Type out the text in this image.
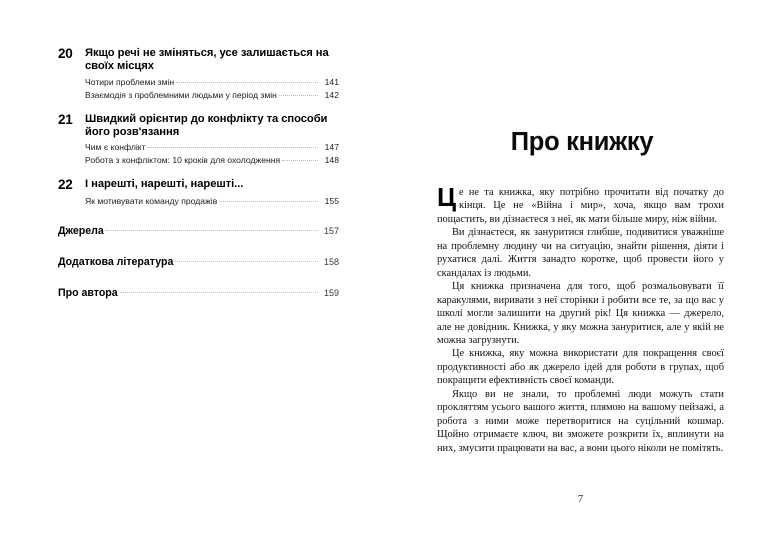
20	Якщо речі не зміняться, усе залишається на своїх місцях
Чотири проблеми змін	141
Взаємодія з проблемними людьми у період змін	142
21	Швидкий орієнтир до конфлікту та способи його розв'язання
Чим є конфлікт	147
Робота з конфліктом: 10 кроків для охолодження	148
22	І нарешті, нарешті, нарешті...
Як мотивувати команду продажів	155
Джерела	157
Додаткова література	158
Про автора	159
Про книжку

Це не та книжка, яку потрібно прочитати від початку до кінця. Це не «Війна і мир», хоча, якщо вам трохи пощастить, ви дізнаєтеся з неї, як мати більше миру, ніж війни.

Ви дізнаєтеся, як зануритися глибше, подивитися уважніше на проблемну людину чи на ситуацію, знайти рішення, діяти і рухатися далі. Життя занадто коротке, щоб провести його у скандалах із людьми.

Ця книжка призначена для того, щоб розмальовувати її каракулями, виривати з неї сторінки і робити все те, за що вас у школі могли залишити на другий рік! Ця книжка — джерело, але не довідник. Книжка, у яку можна зануритися, але у якій не можна загрузнути.

Це книжка, яку можна використати для покращення своєї продуктивності або як джерело ідей для роботи в групах, щоб покращити ефективність своєї команди.

Якщо ви не знали, то проблемні люди можуть стати прокляттям усього вашого життя, плямою на вашому пейзажі, а робота з ними може перетворитися на суцільний кошмар. Щойно отримаєте ключ, ви зможете розкрити їх, вплинути на них, змусити працювати на вас, а вони цього ніколи не помітять.

7
